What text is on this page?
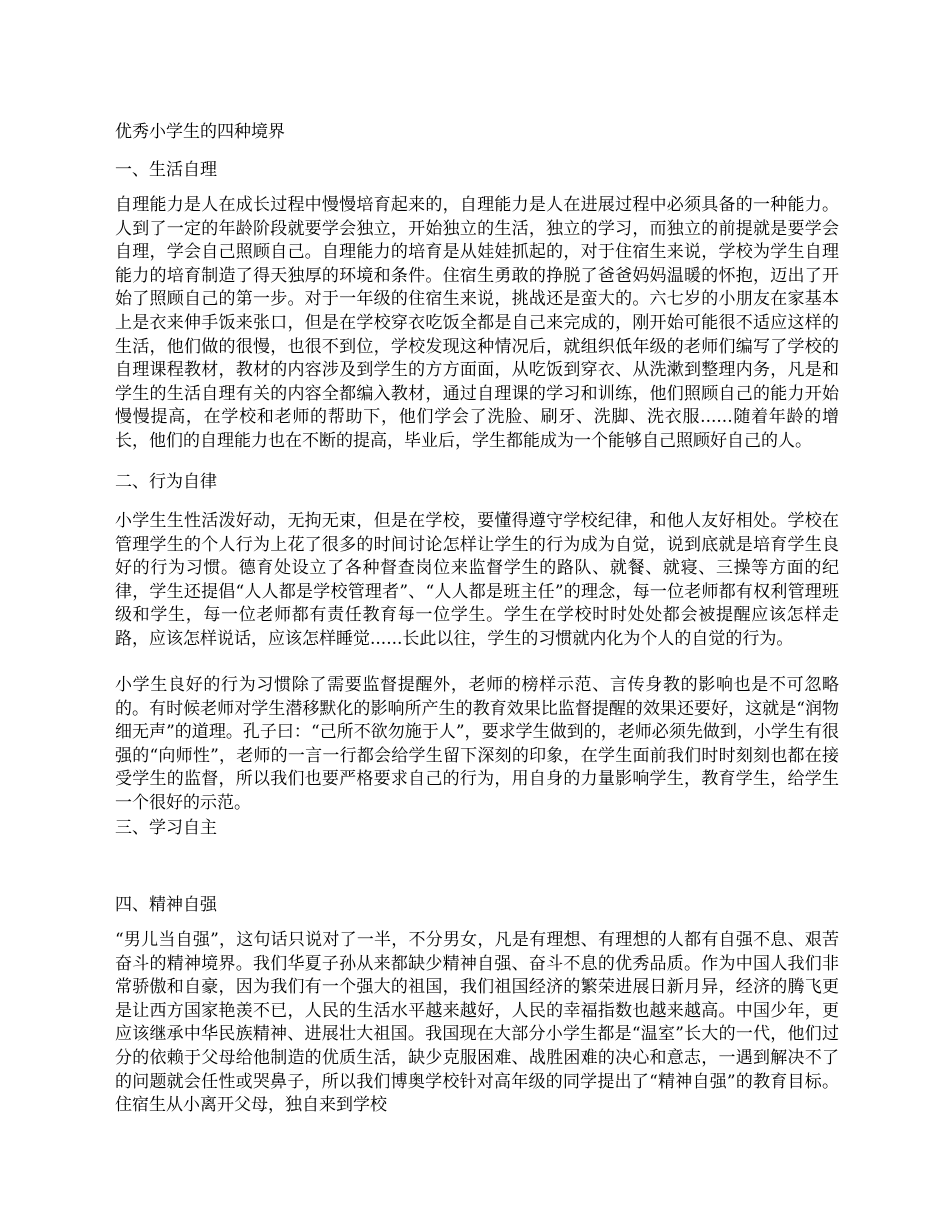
优秀小学生的四种境界
一、生活自理

自理能力是人在成长过程中慢慢培育起来的，自理能力是人在进展过程中必须具备的一种能力。人到了一定的年龄阶段就要学会独立，开始独立的生活，独立的学习，而独立的前提就是要学会自理，学会自己照顾自己。自理能力的培育是从娃娃抓起的，对于住宿生来说，学校为学生自理能力的培育制造了得天独厚的环境和条件。住宿生勇敢的挣脱了爸爸妈妈温暖的怀抱，迈出了开始了照顾自己的第一步。对于一年级的住宿生来说，挑战还是蛮大的。六七岁的小朋友在家基本上是衣来伸手饭来张口，但是在学校穿衣吃饭全都是自己来完成的，刚开始可能很不适应这样的生活，他们做的很慢，也很不到位，学校发现这种情况后，就组织低年级的老师们编写了学校的自理课程教材，教材的内容涉及到学生的方方面面，从吃饭到穿衣、从洗漱到整理内务，凡是和学生的生活自理有关的内容全都编入教材，通过自理课的学习和训练，他们照顾自己的能力开始慢慢提高，在学校和老师的帮助下，他们学会了洗脸、刷牙、洗脚、洗衣服......随着年龄的增长，他们的自理能力也在不断的提高，毕业后，学生都能成为一个能够自己照顾好自己的人。

二、行为自律

小学生生性活泼好动，无拘无束，但是在学校，要懂得遵守学校纪律，和他人友好相处。学校在管理学生的个人行为上花了很多的时间讨论怎样让学生的行为成为自觉，说到底就是培育学生良好的行为习惯。德育处设立了各种督查岗位来监督学生的路队、就餐、就寝、三操等方面的纪律，学生还提倡“人人都是学校管理者”、“人人都是班主任”的理念，每一位老师都有权利管理班级和学生，每一位老师都有责任教育每一位学生。学生在学校时时处处都会被提醒应该怎样走路，应该怎样说话，应该怎样睡觉......长此以往，学生的习惯就内化为个人的自觉的行为。

小学生良好的行为习惯除了需要监督提醒外，老师的榜样示范、言传身教的影响也是不可忽略的。有时候老师对学生潜移默化的影响所产生的教育效果比监督提醒的效果还要好，这就是“润物细无声”的道理。孔子曰：“己所不欲勿施于人”，要求学生做到的，老师必须先做到，小学生有很强的“向师性”，老师的一言一行都会给学生留下深刻的印象，在学生面前我们时时刻刻也都在接受学生的监督，所以我们也要严格要求自己的行为，用自身的力量影响学生，教育学生，给学生一个很好的示范。

三、学习自主
四、精神自强

“男儿当自强”，这句话只说对了一半，不分男女，凡是有理想、有理想的人都有自强不息、艰苦奋斗的精神境界。我们华夏子孙从来都缺少精神自强、奋斗不息的优秀品质。作为中国人我们非常骄傲和自豪，因为我们有一个强大的祖国，我们祖国经济的繁荣进展日新月异，经济的腾飞更是让西方国家艳羡不已，人民的生活水平越来越好，人民的幸福指数也越来越高。中国少年，更应该继承中华民族精神、进展壮大祖国。我国现在大部分小学生都是“温室”长大的一代，他们过分的依赖于父母给他制造的优质生活，缺少克服困难、战胜困难的决心和意志，一遇到解决不了的问题就会任性或哭鼻子，所以我们博奥学校针对高年级的同学提出了“精神自强”的教育目标。住宿生从小离开父母，独自来到学校
